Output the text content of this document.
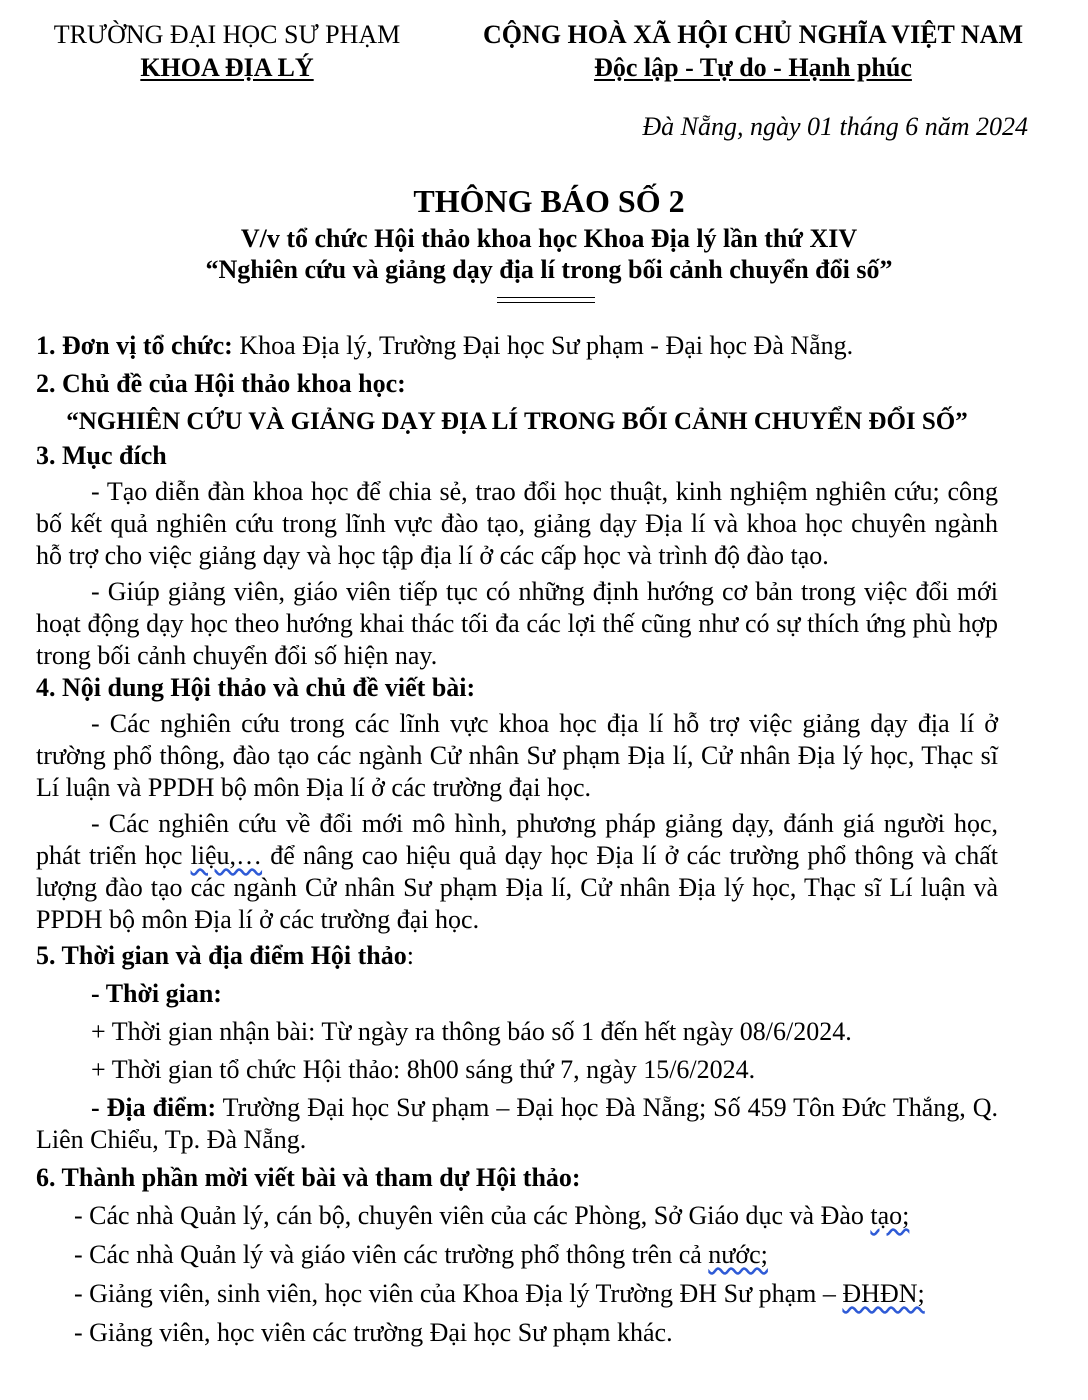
TRƯỜNG ĐẠI HỌC SƯ PHẠM
KHOA ĐỊA LÝ
CỘNG HOÀ XÃ HỘI CHỦ NGHĨA VIỆT NAM
Độc lập - Tự do - Hạnh phúc
Đà Nẵng, ngày 01 tháng 6 năm 2024
THÔNG BÁO SỐ 2
V/v tổ chức Hội thảo khoa học Khoa Địa lý lần thứ XIV
“Nghiên cứu và giảng dạy địa lí trong bối cảnh chuyển đổi số”

1. Đơn vị tổ chức: Khoa Địa lý, Trường Đại học Sư phạm - Đại học Đà Nẵng.

2. Chủ đề của Hội thảo khoa học:

“NGHIÊN CỨU VÀ GIẢNG DẠY ĐỊA LÍ TRONG BỐI CẢNH CHUYỂN ĐỔI SỐ”

3. Mục đích

- Tạo diễn đàn khoa học để chia sẻ, trao đổi học thuật, kinh nghiệm nghiên cứu; công bố kết quả nghiên cứu trong lĩnh vực đào tạo, giảng dạy Địa lí và khoa học chuyên ngành hỗ trợ cho việc giảng dạy và học tập địa lí ở các cấp học và trình độ đào tạo.

- Giúp giảng viên, giáo viên tiếp tục có những định hướng cơ bản trong việc đổi mới hoạt động dạy học theo hướng khai thác tối đa các lợi thế cũng như có sự thích ứng phù hợp trong bối cảnh chuyển đổi số hiện nay.

4. Nội dung Hội thảo và chủ đề viết bài:

- Các nghiên cứu trong các lĩnh vực khoa học địa lí hỗ trợ việc giảng dạy địa lí ở trường phổ thông, đào tạo các ngành Cử nhân Sư phạm Địa lí, Cử nhân Địa lý học, Thạc sĩ Lí luận và PPDH bộ môn Địa lí ở các trường đại học.

- Các nghiên cứu về đổi mới mô hình, phương pháp giảng dạy, đánh giá người học, phát triển học liệu,… để nâng cao hiệu quả dạy học Địa lí ở các trường phổ thông và chất lượng đào tạo các ngành Cử nhân Sư phạm Địa lí, Cử nhân Địa lý học, Thạc sĩ Lí luận và PPDH bộ môn Địa lí ở các trường đại học.

5. Thời gian và địa điểm Hội thảo:

- Thời gian:

+ Thời gian nhận bài: Từ ngày ra thông báo số 1 đến hết ngày 08/6/2024.

+ Thời gian tổ chức Hội thảo: 8h00 sáng thứ 7, ngày 15/6/2024.

- Địa điểm: Trường Đại học Sư phạm – Đại học Đà Nẵng; Số 459 Tôn Đức Thắng, Q. Liên Chiểu, Tp. Đà Nẵng.

6. Thành phần mời viết bài và tham dự Hội thảo:

- Các nhà Quản lý, cán bộ, chuyên viên của các Phòng, Sở Giáo dục và Đào tạo;

- Các nhà Quản lý và giáo viên các trường phổ thông trên cả nước;

- Giảng viên, sinh viên, học viên của Khoa Địa lý Trường ĐH Sư phạm – ĐHĐN;

- Giảng viên, học viên các trường Đại học Sư phạm khác.
